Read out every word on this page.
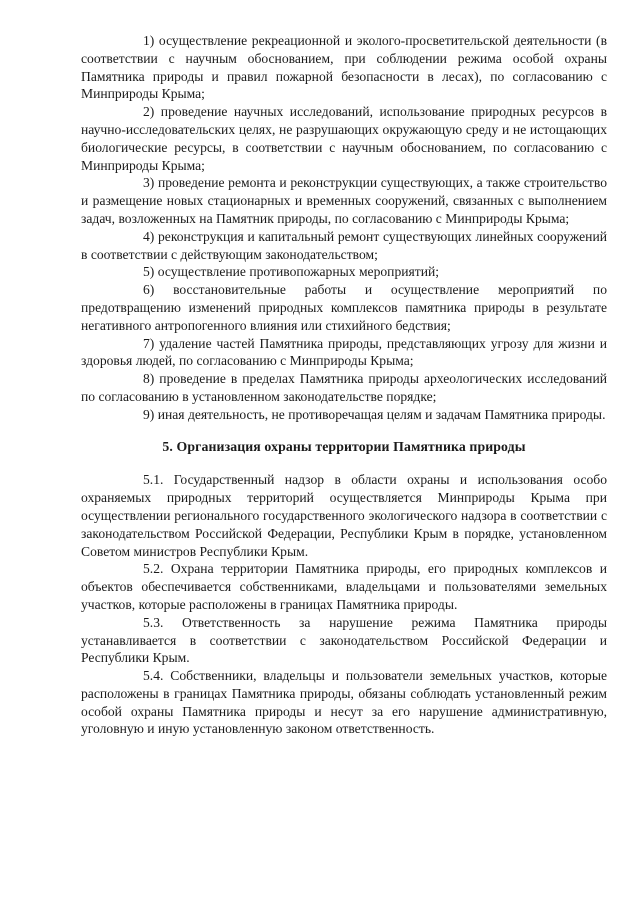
1) осуществление рекреационной и эколого-просветительской деятельности (в соответствии с научным обоснованием, при соблюдении режима особой охраны Памятника природы и правил пожарной безопасности в лесах), по согласованию с Минприроды Крыма;

2) проведение научных исследований, использование природных ресурсов в научно-исследовательских целях, не разрушающих окружающую среду и не истощающих биологические ресурсы, в соответствии с научным обоснованием, по согласованию с Минприроды Крыма;

3) проведение ремонта и реконструкции существующих, а также строительство и размещение новых стационарных и временных сооружений, связанных с выполнением задач, возложенных на Памятник природы, по согласованию с Минприроды Крыма;

4) реконструкция и капитальный ремонт существующих линейных сооружений в соответствии с действующим законодательством;

5) осуществление противопожарных мероприятий;

6) восстановительные работы и осуществление мероприятий по предотвращению изменений природных комплексов памятника природы в результате негативного антропогенного влияния или стихийного бедствия;

7) удаление частей Памятника природы, представляющих угрозу для жизни и здоровья людей, по согласованию с Минприроды Крыма;

8) проведение в пределах Памятника природы археологических исследований по согласованию в установленном законодательстве порядке;

9) иная деятельность, не противоречащая целям и задачам Памятника природы.

5. Организация охраны территории Памятника природы

5.1. Государственный надзор в области охраны и использования особо охраняемых природных территорий осуществляется Минприроды Крыма при осуществлении регионального государственного экологического надзора в соответствии с законодательством Российской Федерации, Республики Крым в порядке, установленном Советом министров Республики Крым.

5.2. Охрана территории Памятника природы, его природных комплексов и объектов обеспечивается собственниками, владельцами и пользователями земельных участков, которые расположены в границах Памятника природы.

5.3. Ответственность за нарушение режима Памятника природы устанавливается в соответствии с законодательством Российской Федерации и Республики Крым.

5.4. Собственники, владельцы и пользователи земельных участков, которые расположены в границах Памятника природы, обязаны соблюдать установленный режим особой охраны Памятника природы и несут за его нарушение административную, уголовную и иную установленную законом ответственность.
